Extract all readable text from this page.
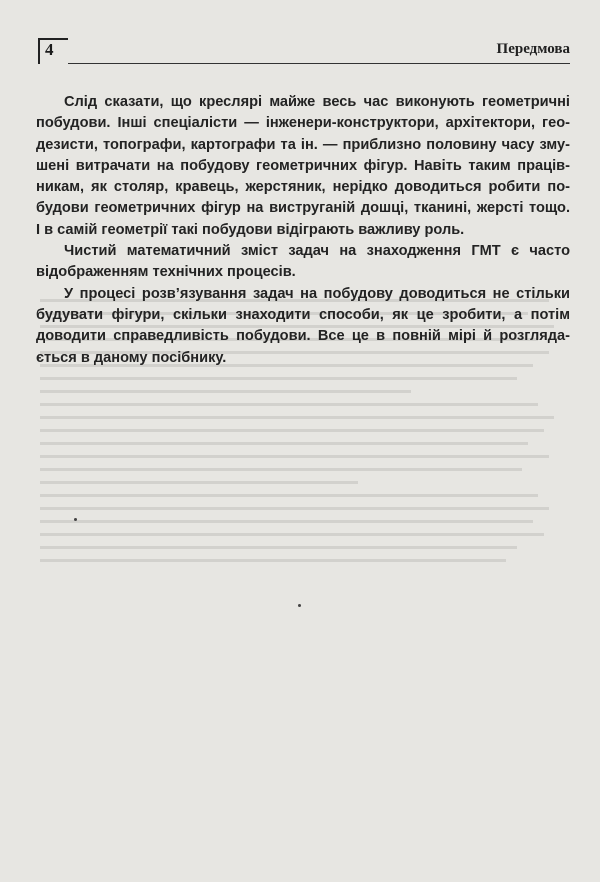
4	Передмова

Слід сказати, що креслярі майже весь час виконують геометричні
побудови. Інші спеціалісти — інженери-конструктори, архітектори, гео-
дезисти, топографи, картографи та ін. — приблизно половину часу зму-
шені витрачати на побудову геометричних фігур. Навіть таким праців-
никам, як столяр, кравець, жерстяник, нерідко доводиться робити по-
будови геометричних фігур на виструганій дошці, тканині, жерсті тощо.
І в самій геометрії такі побудови відіграють важливу роль.

Чистий математичний зміст задач на знаходження ГМТ є часто
відображенням технічних процесів.

У процесі розв’язування задач на побудову доводиться не стільки
будувати фігури, скільки знаходити способи, як це зробити, а потім
доводити справедливість побудови. Все це в повній мірі й розгляда-
ється в даному посібнику.
